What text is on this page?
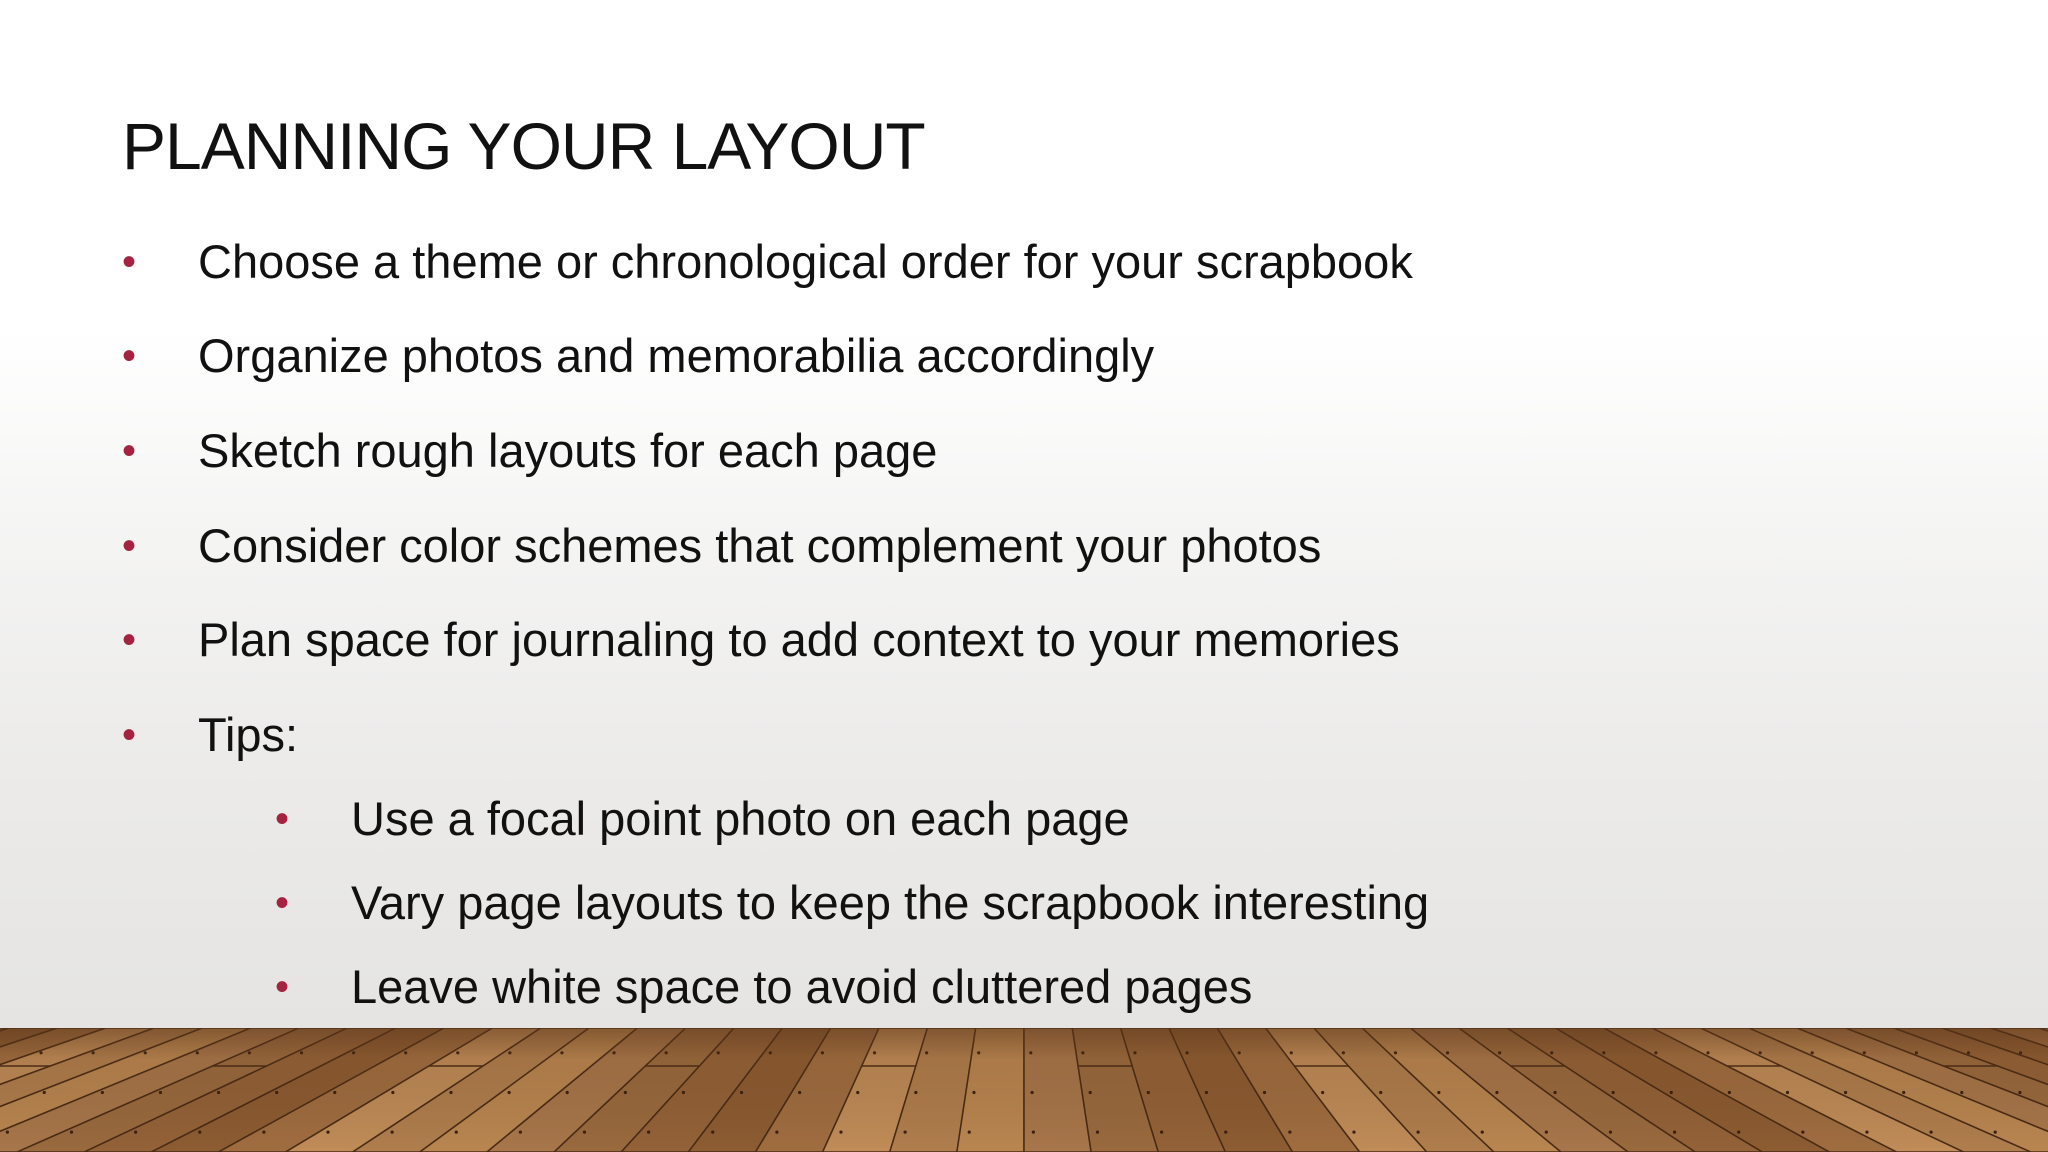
PLANNING YOUR LAYOUT
• Choose a theme or chronological order for your scrapbook
• Organize photos and memorabilia accordingly
• Sketch rough layouts for each page
• Consider color schemes that complement your photos
• Plan space for journaling to add context to your memories
• Tips:
• Use a focal point photo on each page
• Vary page layouts to keep the scrapbook interesting
• Leave white space to avoid cluttered pages
